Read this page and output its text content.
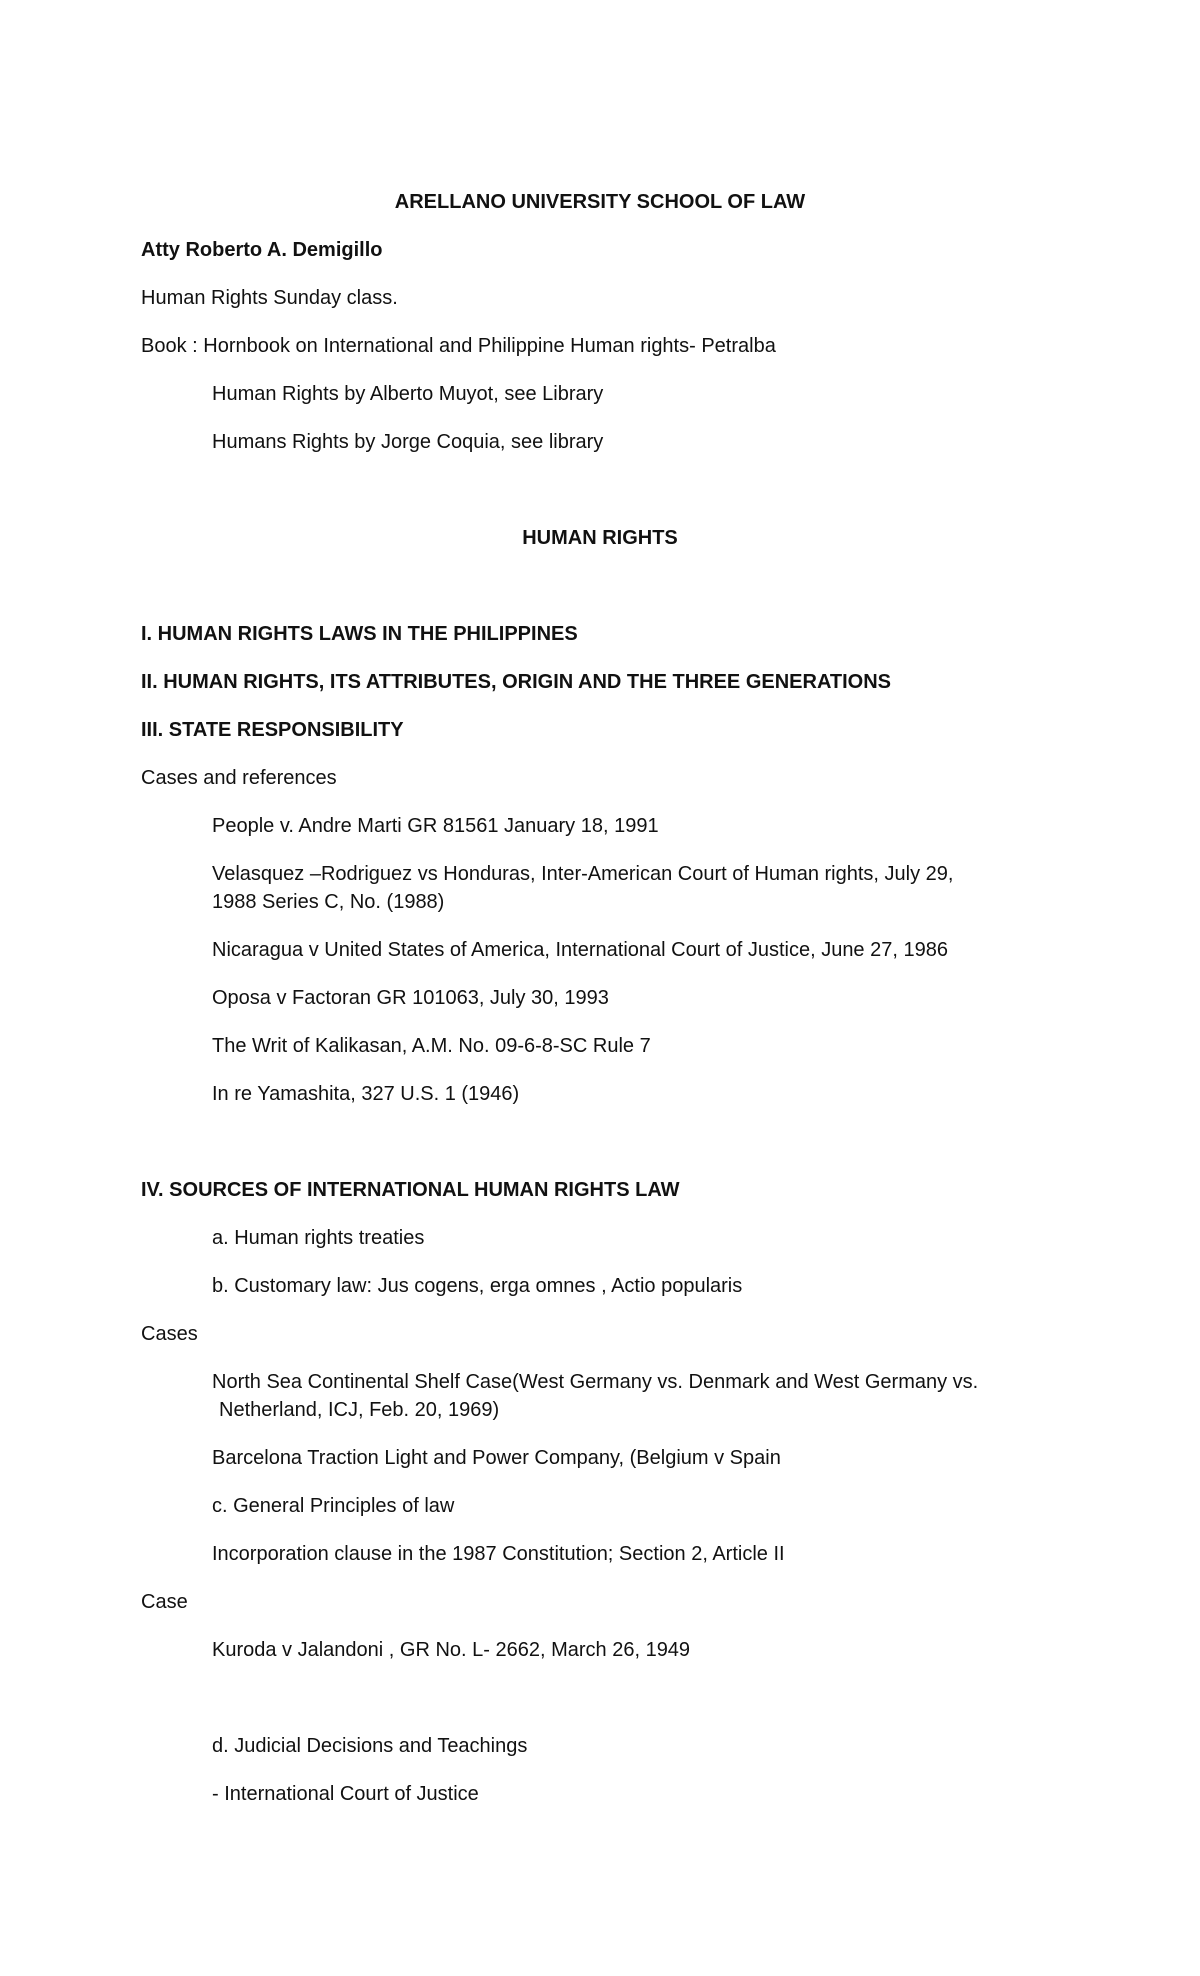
ARELLANO UNIVERSITY SCHOOL OF LAW
Atty Roberto A. Demigillo
Human Rights Sunday class.
Book : Hornbook on International and Philippine Human rights- Petralba
Human Rights by Alberto Muyot, see Library
Humans Rights by Jorge Coquia, see library
HUMAN RIGHTS
I. HUMAN RIGHTS LAWS IN THE PHILIPPINES
II. HUMAN RIGHTS, ITS ATTRIBUTES, ORIGIN AND THE THREE GENERATIONS
III. STATE RESPONSIBILITY
Cases and references
People v. Andre Marti GR 81561 January 18, 1991
Velasquez –Rodriguez vs Honduras, Inter-American Court of Human rights, July 29,
1988 Series C, No. (1988)
Nicaragua v United States of America, International Court of Justice, June 27, 1986
Oposa v Factoran GR 101063, July 30, 1993
The Writ of Kalikasan, A.M. No. 09-6-8-SC Rule 7
In re Yamashita, 327 U.S. 1 (1946)
IV. SOURCES OF INTERNATIONAL HUMAN RIGHTS LAW
a. Human rights treaties
b. Customary law: Jus cogens, erga omnes , Actio popularis
Cases
North Sea Continental Shelf Case(West Germany vs. Denmark and West Germany vs.
Netherland, ICJ, Feb. 20, 1969)
Barcelona Traction Light and Power Company, (Belgium v Spain
c. General Principles of law
Incorporation clause in the 1987 Constitution; Section 2, Article II
Case
Kuroda v Jalandoni , GR No. L- 2662, March 26, 1949
d. Judicial Decisions and Teachings
- International Court of Justice
